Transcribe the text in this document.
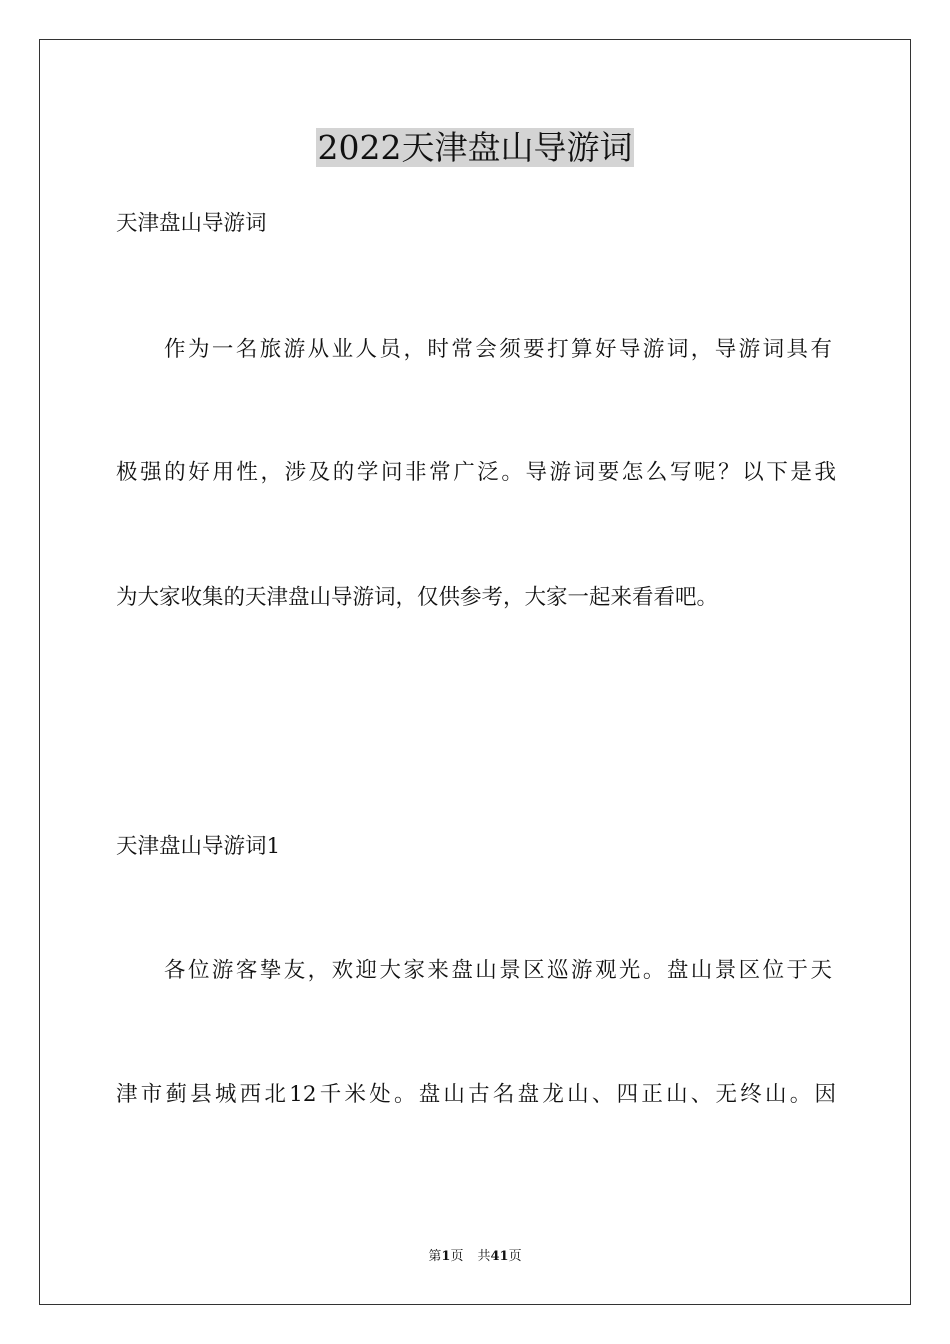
2022天津盘山导游词
天津盘山导游词
作为一名旅游从业人员，时常会须要打算好导游词，导游词具有
极强的好用性，涉及的学问非常广泛。导游词要怎么写呢？以下是我
为大家收集的天津盘山导游词，仅供参考，大家一起来看看吧。
天津盘山导游词1
各位游客挚友，欢迎大家来盘山景区巡游观光。盘山景区位于天
津市蓟县城西北12千米处。盘山古名盘龙山、四正山、无终山。因
第1页 共41页
